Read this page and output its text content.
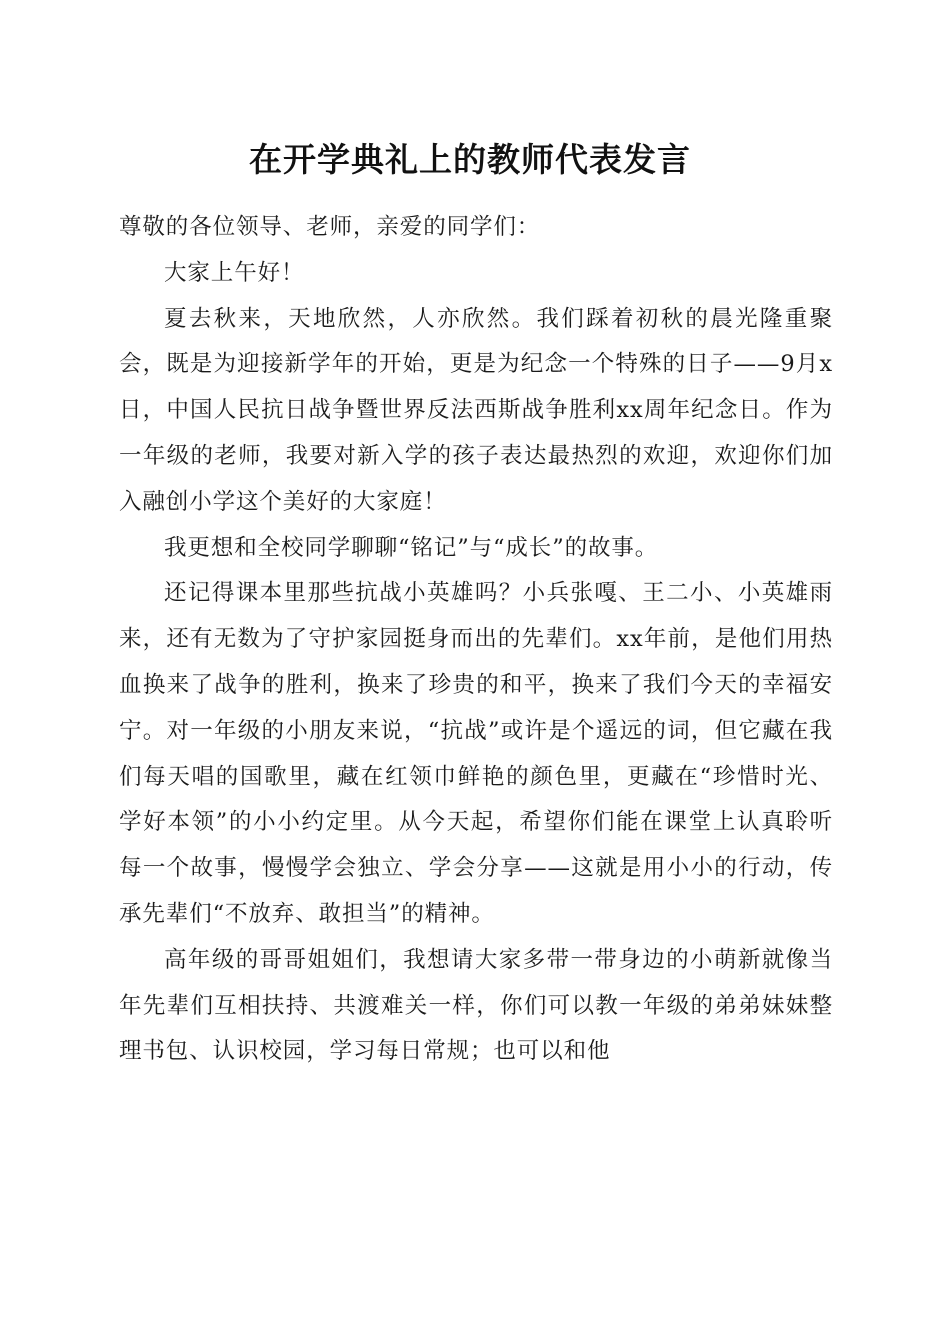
在开学典礼上的教师代表发言

尊敬的各位领导、老师，亲爱的同学们：

大家上午好！

夏去秋来，天地欣然，人亦欣然。我们踩着初秋的晨光隆重聚会，既是为迎接新学年的开始，更是为纪念一个特殊的日子——9月x日，中国人民抗日战争暨世界反法西斯战争胜利xx周年纪念日。作为一年级的老师，我要对新入学的孩子表达最热烈的欢迎，欢迎你们加入融创小学这个美好的大家庭！

我更想和全校同学聊聊“铭记”与“成长”的故事。

还记得课本里那些抗战小英雄吗？小兵张嘎、王二小、小英雄雨来，还有无数为了守护家园挺身而出的先辈们。xx年前，是他们用热血换来了战争的胜利，换来了珍贵的和平，换来了我们今天的幸福安宁。对一年级的小朋友来说，“抗战”或许是个遥远的词，但它藏在我们每天唱的国歌里，藏在红领巾鲜艳的颜色里，更藏在“珍惜时光、学好本领”的小小约定里。从今天起，希望你们能在课堂上认真聆听每一个故事，慢慢学会独立、学会分享——这就是用小小的行动，传承先辈们“不放弃、敢担当”的精神。

高年级的哥哥姐姐们，我想请大家多带一带身边的小萌新就像当年先辈们互相扶持、共渡难关一样，你们可以教一年级的弟弟妹妹整理书包、认识校园，学习每日常规；也可以和他
